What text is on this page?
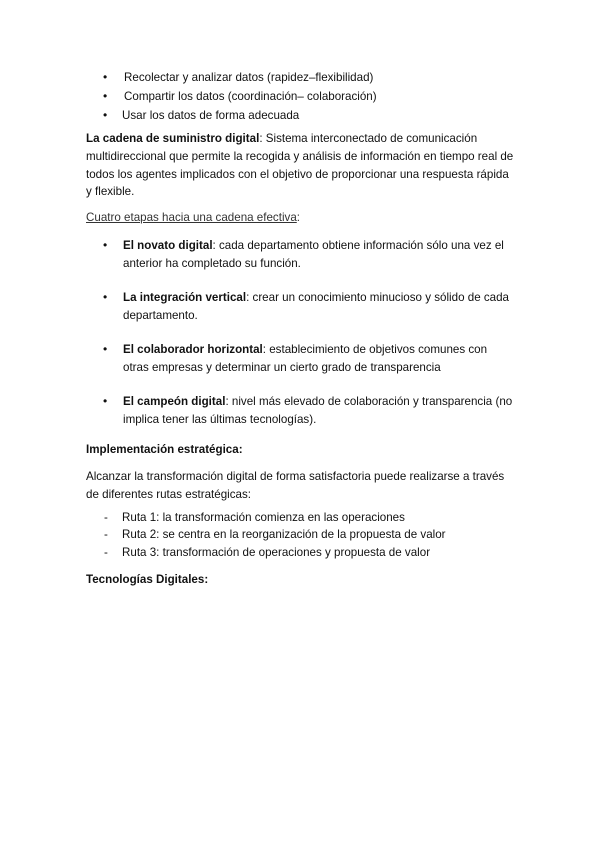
• Recolectar y analizar datos (rapidez–flexibilidad)
• Compartir los datos (coordinación– colaboración)
• Usar los datos de forma adecuada

La cadena de suministro digital: Sistema interconectado de comunicación multidireccional que permite la recogida y análisis de información en tiempo real de todos los agentes implicados con el objetivo de proporcionar una respuesta rápida y flexible.

Cuatro etapas hacia una cadena efectiva:

• El novato digital: cada departamento obtiene información sólo una vez el anterior ha completado su función.
• La integración vertical: crear un conocimiento minucioso y sólido de cada departamento.
• El colaborador horizontal: establecimiento de objetivos comunes con otras empresas y determinar un cierto grado de transparencia
• El campeón digital: nivel más elevado de colaboración y transparencia (no implica tener las últimas tecnologías).

Implementación estratégica:

Alcanzar la transformación digital de forma satisfactoria puede realizarse a través de diferentes rutas estratégicas:

- Ruta 1: la transformación comienza en las operaciones
- Ruta 2: se centra en la reorganización de la propuesta de valor
- Ruta 3: transformación de operaciones y propuesta de valor

Tecnologías Digitales:
